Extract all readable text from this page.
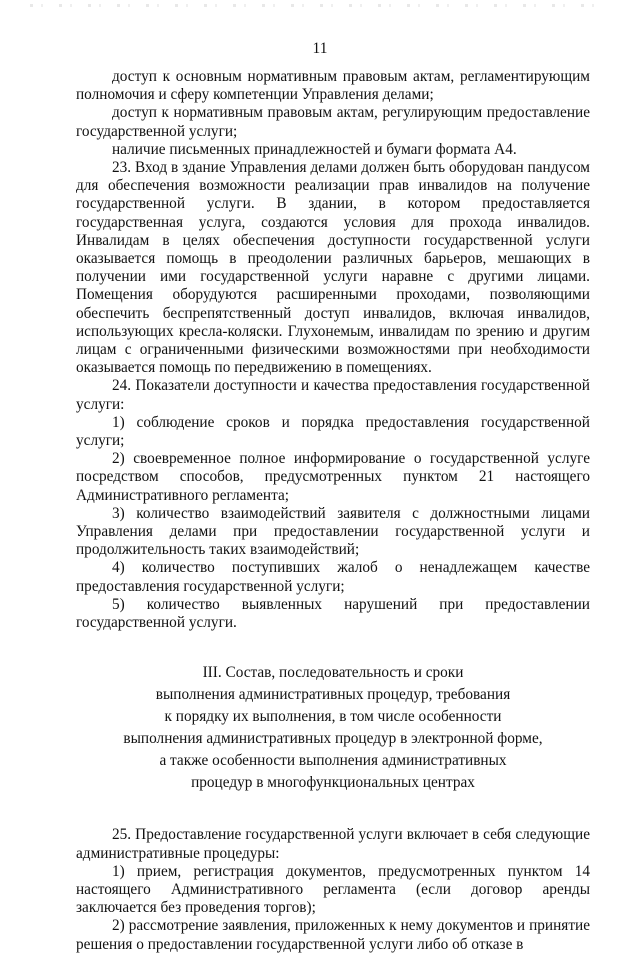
11

доступ к основным нормативным правовым актам, регламентирующим полномочия и сферу компетенции Управления делами;

доступ к нормативным правовым актам, регулирующим предоставление государственной услуги;

наличие письменных принадлежностей и бумаги формата А4.

23. Вход в здание Управления делами должен быть оборудован пандусом для обеспечения возможности реализации прав инвалидов на получение государственной услуги. В здании, в котором предоставляется государственная услуга, создаются условия для прохода инвалидов. Инвалидам в целях обеспечения доступности государственной услуги оказывается помощь в преодолении различных барьеров, мешающих в получении ими государственной услуги наравне с другими лицами. Помещения оборудуются расширенными проходами, позволяющими обеспечить беспрепятственный доступ инвалидов, включая инвалидов, использующих кресла-коляски. Глухонемым, инвалидам по зрению и другим лицам с ограниченными физическими возможностями при необходимости оказывается помощь по передвижению в помещениях.

24. Показатели доступности и качества предоставления государственной услуги:

1) соблюдение сроков и порядка предоставления государственной услуги;

2) своевременное полное информирование о государственной услуге посредством способов, предусмотренных пунктом 21 настоящего Административного регламента;

3) количество взаимодействий заявителя с должностными лицами Управления делами при предоставлении государственной услуги и продолжительность таких взаимодействий;

4) количество поступивших жалоб о ненадлежащем качестве предоставления государственной услуги;

5) количество выявленных нарушений при предоставлении государственной услуги.

III. Состав, последовательность и сроки
выполнения административных процедур, требования
к порядку их выполнения, в том числе особенности
выполнения административных процедур в электронной форме,
а также особенности выполнения административных
процедур в многофункциональных центрах

25. Предоставление государственной услуги включает в себя следующие административные процедуры:

1) прием, регистрация документов, предусмотренных пунктом 14 настоящего Административного регламента (если договор аренды заключается без проведения торгов);

2) рассмотрение заявления, приложенных к нему документов и принятие решения о предоставлении государственной услуги либо об отказе в
